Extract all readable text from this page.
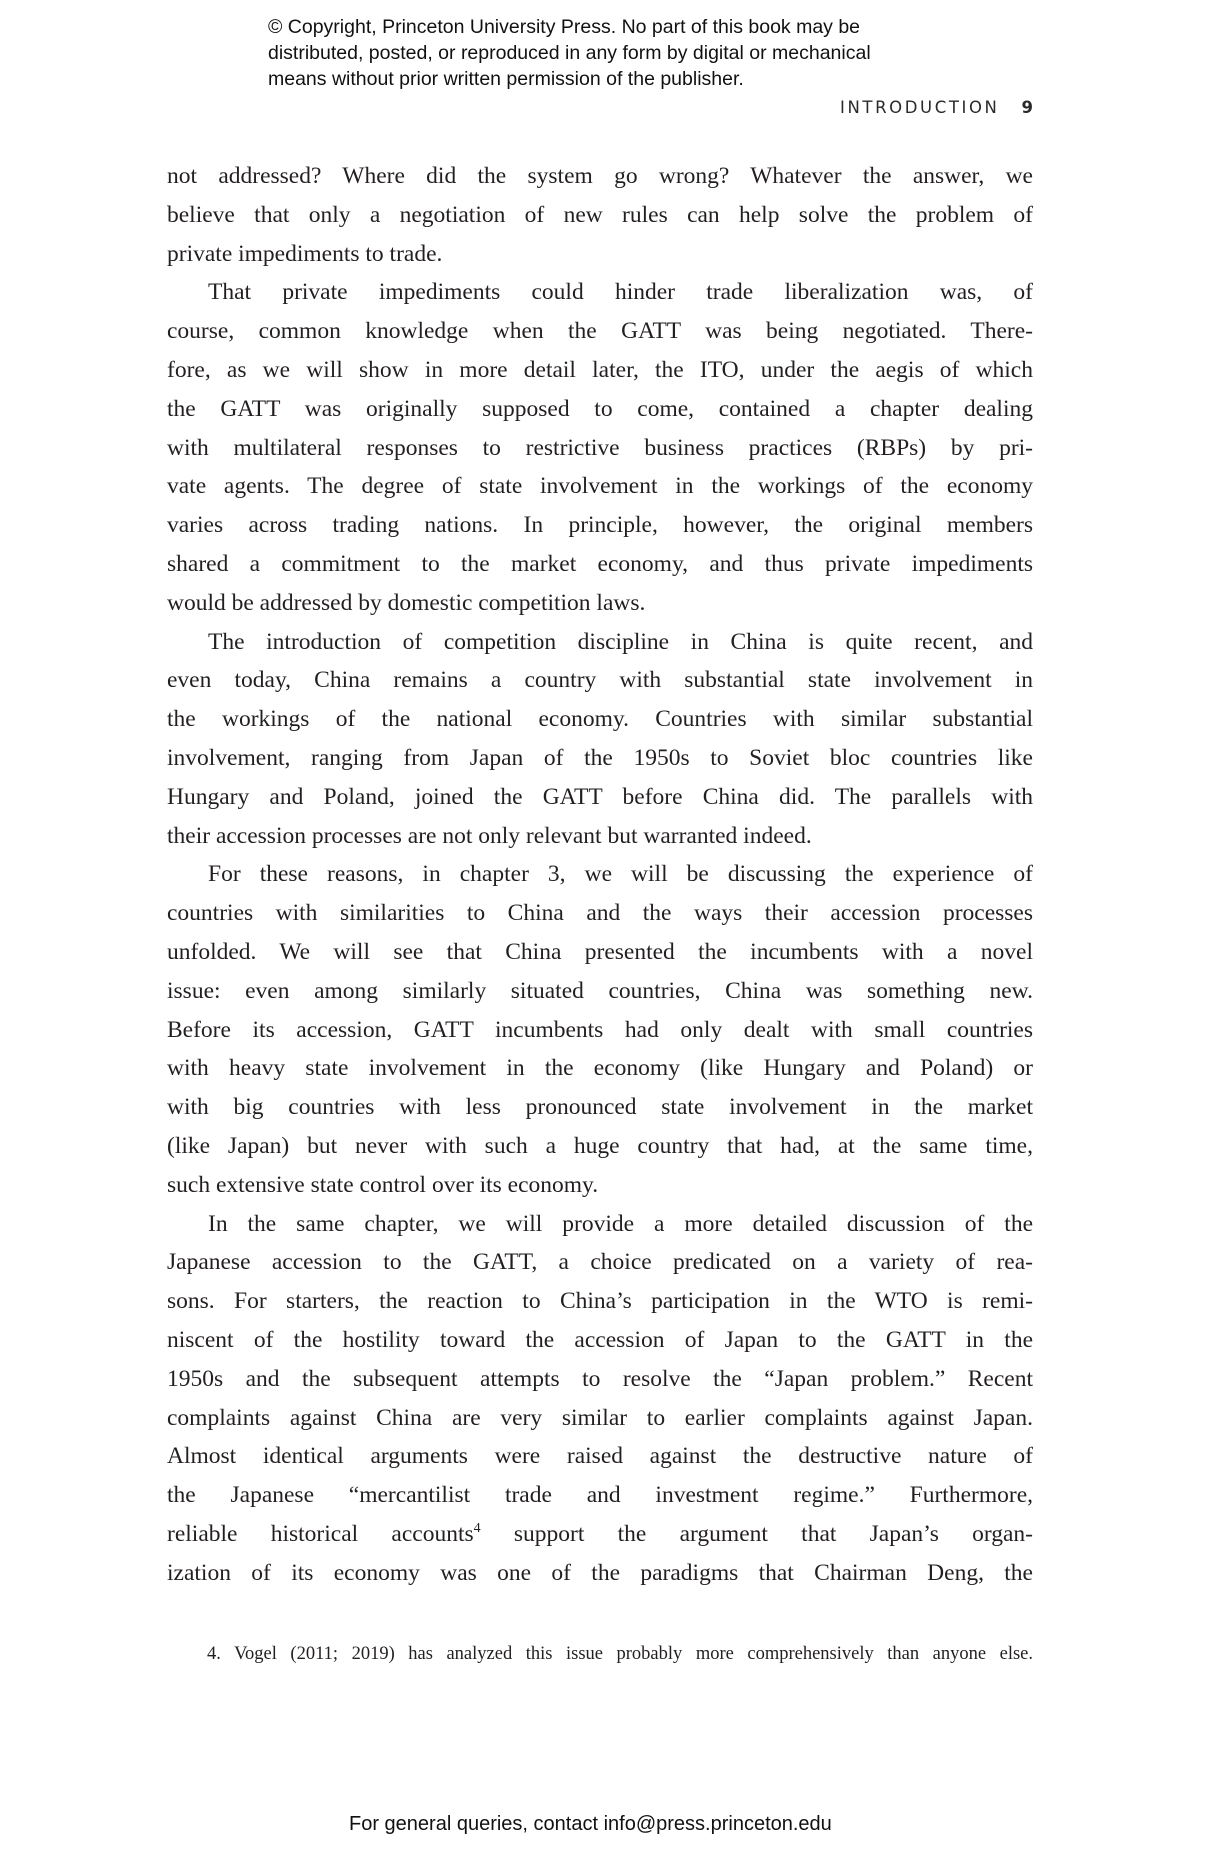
© Copyright, Princeton University Press. No part of this book may be
distributed, posted, or reproduced in any form by digital or mechanical
means without prior written permission of the publisher.
INTRODUCTION 9
not addressed? Where did the system go wrong? Whatever the answer, we
believe that only a negotiation of new rules can help solve the problem of
private impediments to trade.
That private impediments could hinder trade liberalization was, of
course, common knowledge when the GATT was being negotiated. There-
fore, as we will show in more detail later, the ITO, under the aegis of which
the GATT was originally supposed to come, contained a chapter dealing
with multilateral responses to restrictive business practices (RBPs) by pri-
vate agents. The degree of state involvement in the workings of the economy
varies across trading nations. In principle, however, the original members
shared a commitment to the market economy, and thus private impediments
would be addressed by domestic competition laws.
The introduction of competition discipline in China is quite recent, and
even today, China remains a country with substantial state involvement in
the workings of the national economy. Countries with similar substantial
involvement, ranging from Japan of the 1950s to Soviet bloc countries like
Hungary and Poland, joined the GATT before China did. The parallels with
their accession processes are not only relevant but warranted indeed.
For these reasons, in chapter 3, we will be discussing the experience of
countries with similarities to China and the ways their accession processes
unfolded. We will see that China presented the incumbents with a novel
issue: even among similarly situated countries, China was something new.
Before its accession, GATT incumbents had only dealt with small countries
with heavy state involvement in the economy (like Hungary and Poland) or
with big countries with less pronounced state involvement in the market
(like Japan) but never with such a huge country that had, at the same time,
such extensive state control over its economy.
In the same chapter, we will provide a more detailed discussion of the
Japanese accession to the GATT, a choice predicated on a variety of rea-
sons. For starters, the reaction to China’s participation in the WTO is remi-
niscent of the hostility toward the accession of Japan to the GATT in the
1950s and the subsequent attempts to resolve the “Japan problem.” Recent
complaints against China are very similar to earlier complaints against Japan.
Almost identical arguments were raised against the destructive nature of
the Japanese “mercantilist trade and investment regime.” Furthermore,
reliable historical accounts$^4$ support the argument that Japan’s organ-
ization of its economy was one of the paradigms that Chairman Deng, the
4. Vogel (2011; 2019) has analyzed this issue probably more comprehensively than anyone else.
For general queries, contact info@press.princeton.edu
